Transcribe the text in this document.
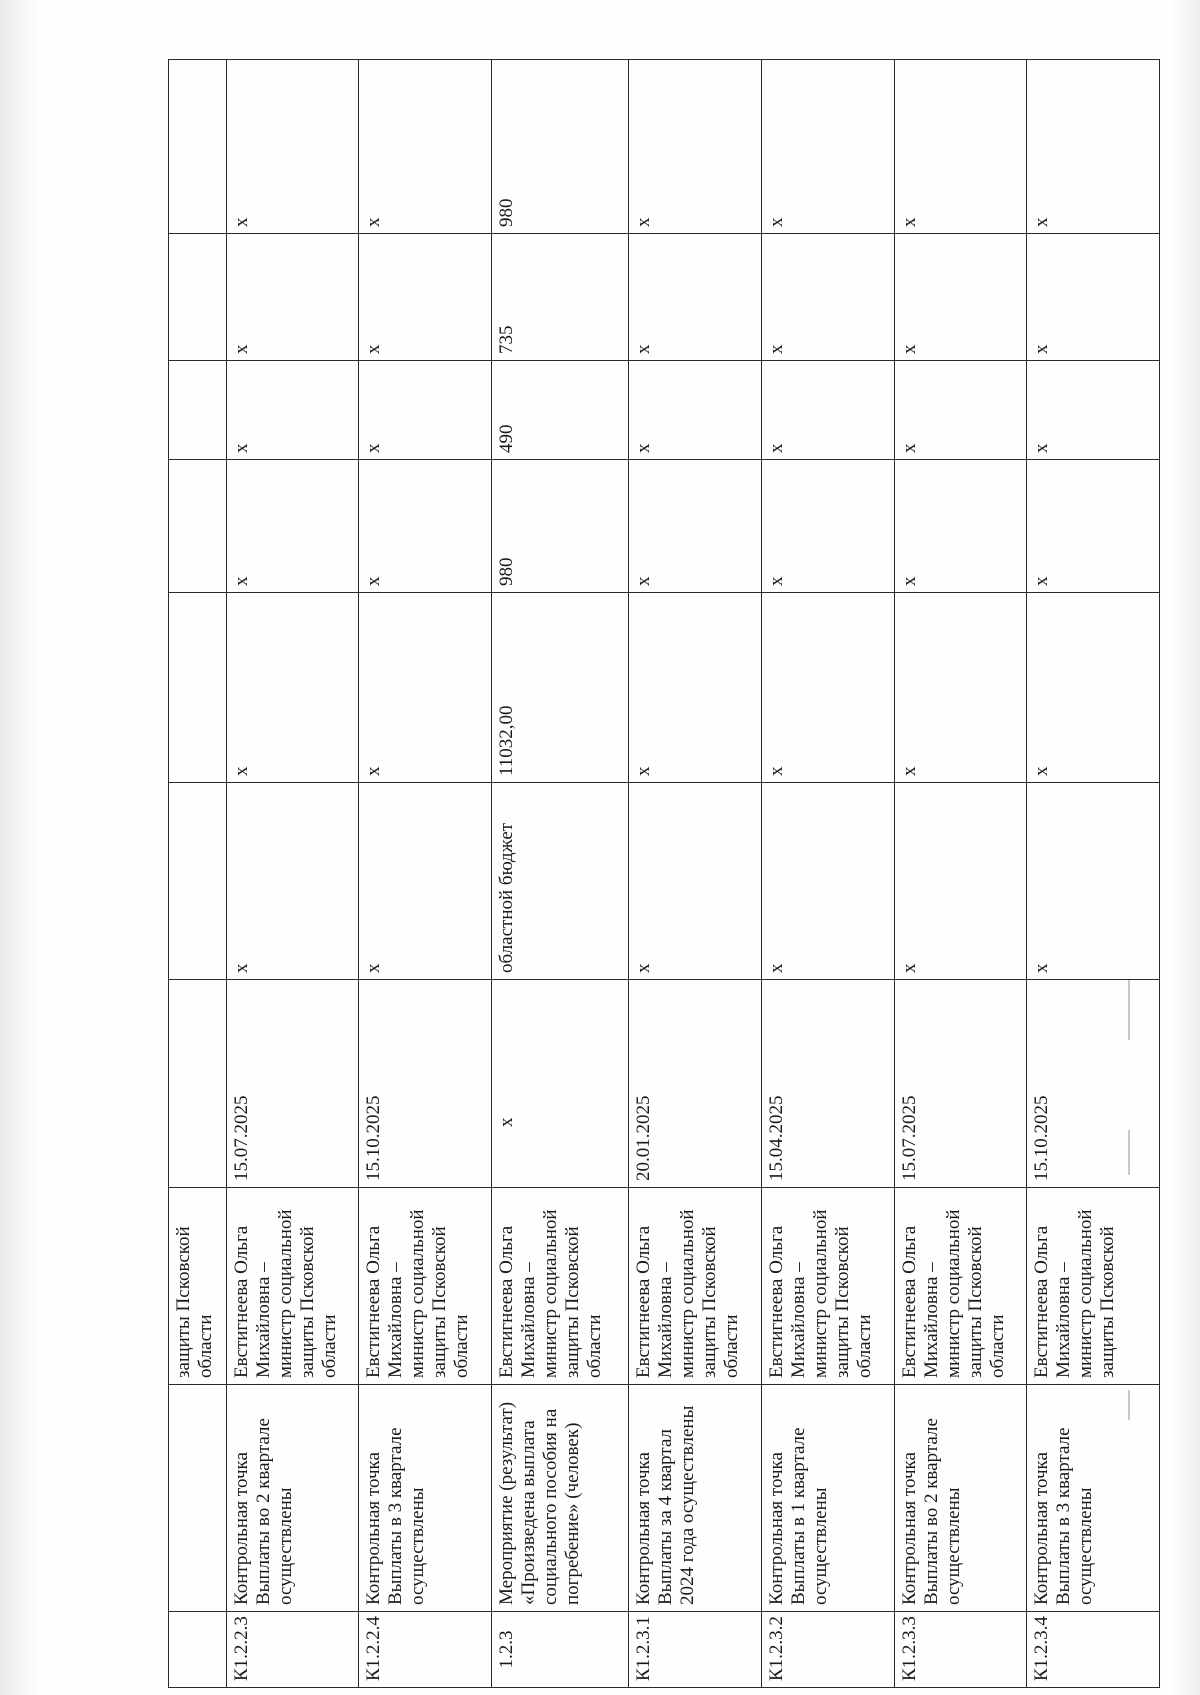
		защиты Псковской области							
К1.2.2.3	Контрольная точка Выплаты во 2 квартале осуществлены	Евстигнеева Ольга Михайловна – министр социальной защиты Псковской области	15.07.2025	х	х	х	х	х	х
К1.2.2.4	Контрольная точка Выплаты в 3 квартале осуществлены	Евстигнеева Ольга Михайловна – министр социальной защиты Псковской области	15.10.2025	х	х	х	х	х	х
1.2.3	Мероприятие (результат) «Произведена выплата социального пособия на погребение» (человек)	Евстигнеева Ольга Михайловна – министр социальной защиты Псковской области	х	областной бюджет	11032,00	980	490	735	980
К1.2.3.1	Контрольная точка Выплаты за 4 квартал 2024 года осуществлены	Евстигнеева Ольга Михайловна – министр социальной защиты Псковской области	20.01.2025	х	х	х	х	х	х
К1.2.3.2	Контрольная точка Выплаты в 1 квартале осуществлены	Евстигнеева Ольга Михайловна – министр социальной защиты Псковской области	15.04.2025	х	х	х	х	х	х
К1.2.3.3	Контрольная точка Выплаты во 2 квартале осуществлены	Евстигнеева Ольга Михайловна – министр социальной защиты Псковской области	15.07.2025	х	х	х	х	х	х
К1.2.3.4	Контрольная точка Выплаты в 3 квартале осуществлены	Евстигнеева Ольга Михайловна – министр социальной защиты Псковской	15.10.2025	х	х	х	х	х	х
